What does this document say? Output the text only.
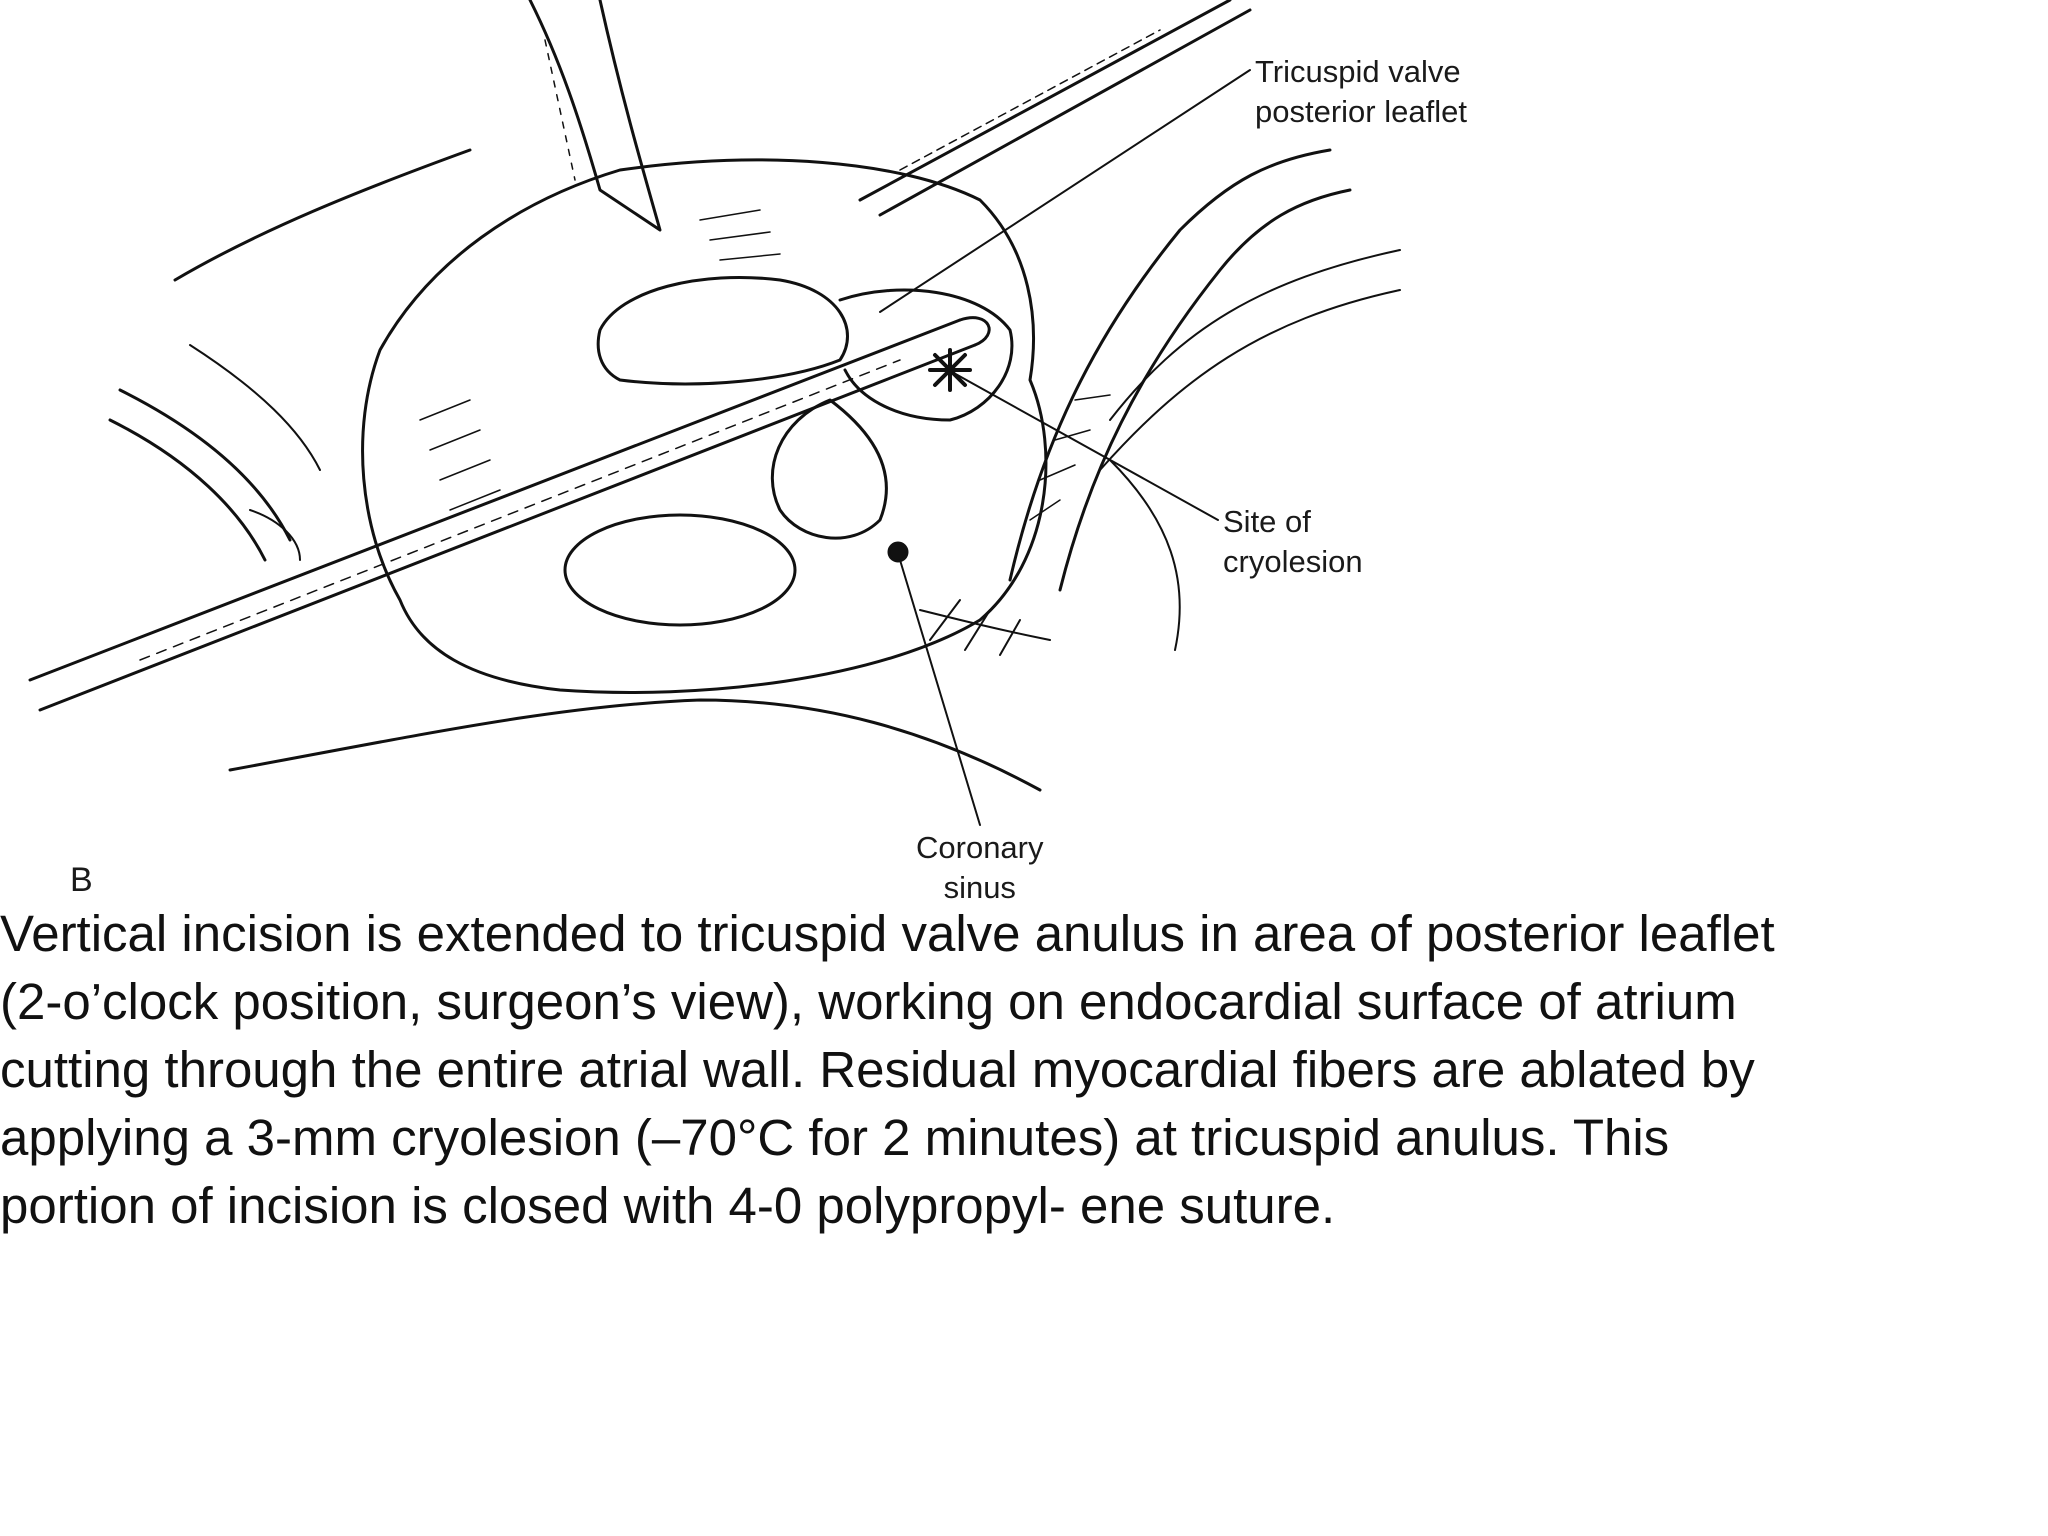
Tricuspid valve
posterior leaflet
Site of
cryolesion
Coronary
sinus
B

Vertical incision is extended to tricuspid valve anulus in area of posterior leaflet
(2-o’clock position, surgeon’s view), working on endocardial surface of atrium
cutting through the entire atrial wall. Residual myocardial fibers are ablated by
applying a 3-mm cryolesion (–70°C for 2 minutes) at tricuspid anulus. This
portion of incision is closed with 4-0 polypropyl- ene suture.
